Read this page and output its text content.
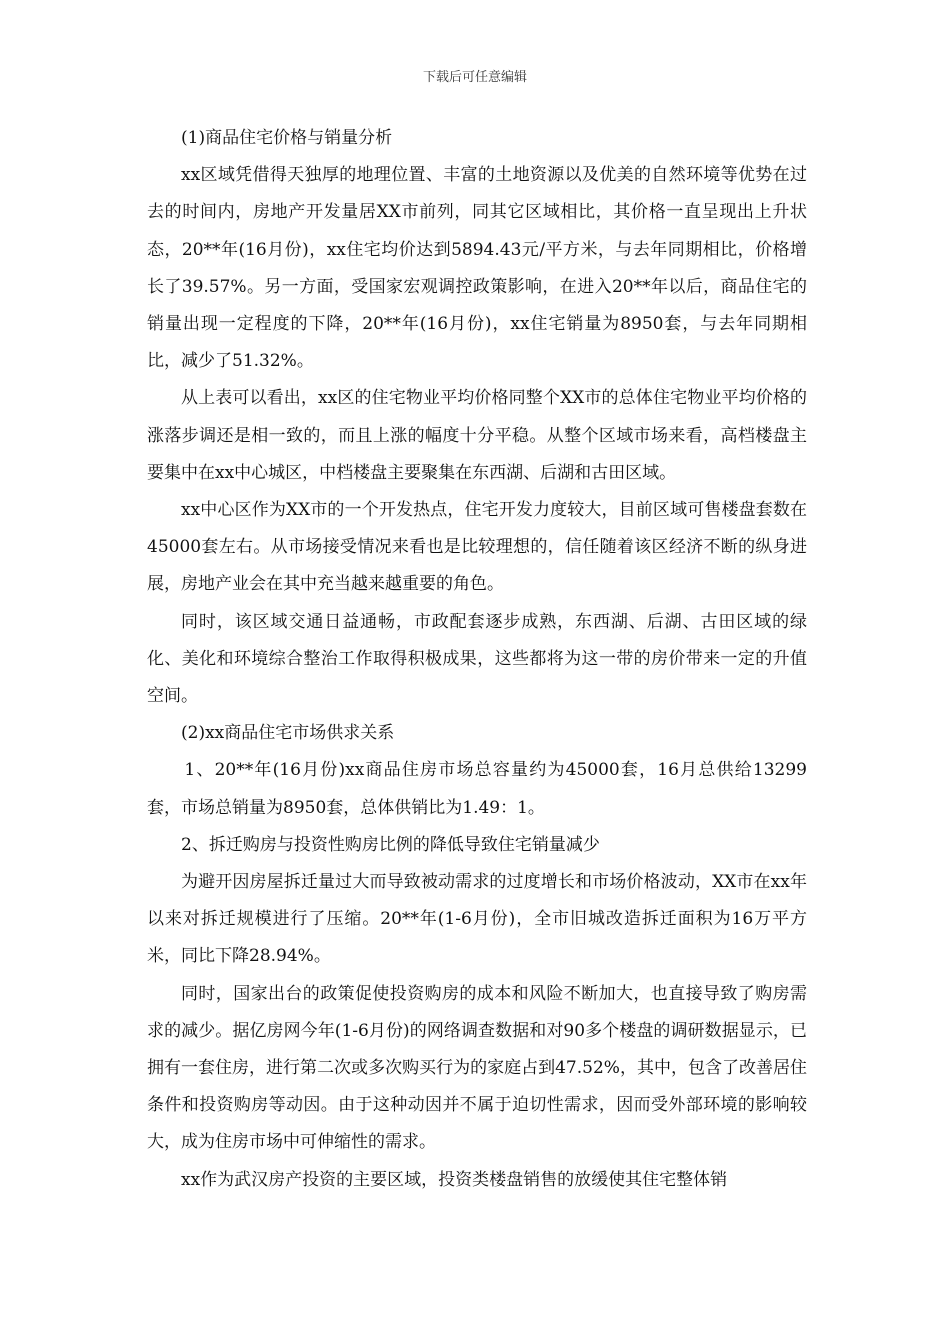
下载后可任意编辑

(1)商品住宅价格与销量分析

xx区域凭借得天独厚的地理位置、丰富的土地资源以及优美的自然环境等优势在过去的时间内，房地产开发量居XX市前列，同其它区域相比，其价格一直呈现出上升状态，20**年(16月份)，xx住宅均价达到5894.43元/平方米，与去年同期相比，价格增长了39.57%。另一方面，受国家宏观调控政策影响，在进入20**年以后，商品住宅的销量出现一定程度的下降，20**年(16月份)，xx住宅销量为8950套，与去年同期相比，减少了51.32%。

从上表可以看出，xx区的住宅物业平均价格同整个XX市的总体住宅物业平均价格的涨落步调还是相一致的，而且上涨的幅度十分平稳。从整个区域市场来看，高档楼盘主要集中在xx中心城区，中档楼盘主要聚集在东西湖、后湖和古田区域。

xx中心区作为XX市的一个开发热点，住宅开发力度较大，目前区域可售楼盘套数在45000套左右。从市场接受情况来看也是比较理想的，信任随着该区经济不断的纵身进展，房地产业会在其中充当越来越重要的角色。

同时，该区域交通日益通畅，市政配套逐步成熟，东西湖、后湖、古田区域的绿化、美化和环境综合整治工作取得积极成果，这些都将为这一带的房价带来一定的升值空间。

(2)xx商品住宅市场供求关系

1、20**年(16月份)xx商品住房市场总容量约为45000套，16月总供给13299套，市场总销量为8950套，总体供销比为1.49：1。

2、拆迁购房与投资性购房比例的降低导致住宅销量减少

为避开因房屋拆迁量过大而导致被动需求的过度增长和市场价格波动，XX市在xx年以来对拆迁规模进行了压缩。20**年(1-6月份)，全市旧城改造拆迁面积为16万平方米，同比下降28.94%。

同时，国家出台的政策促使投资购房的成本和风险不断加大，也直接导致了购房需求的减少。据亿房网今年(1-6月份)的网络调查数据和对90多个楼盘的调研数据显示，已拥有一套住房，进行第二次或多次购买行为的家庭占到47.52%，其中，包含了改善居住条件和投资购房等动因。由于这种动因并不属于迫切性需求，因而受外部环境的影响较大，成为住房市场中可伸缩性的需求。

xx作为武汉房产投资的主要区域，投资类楼盘销售的放缓使其住宅整体销
